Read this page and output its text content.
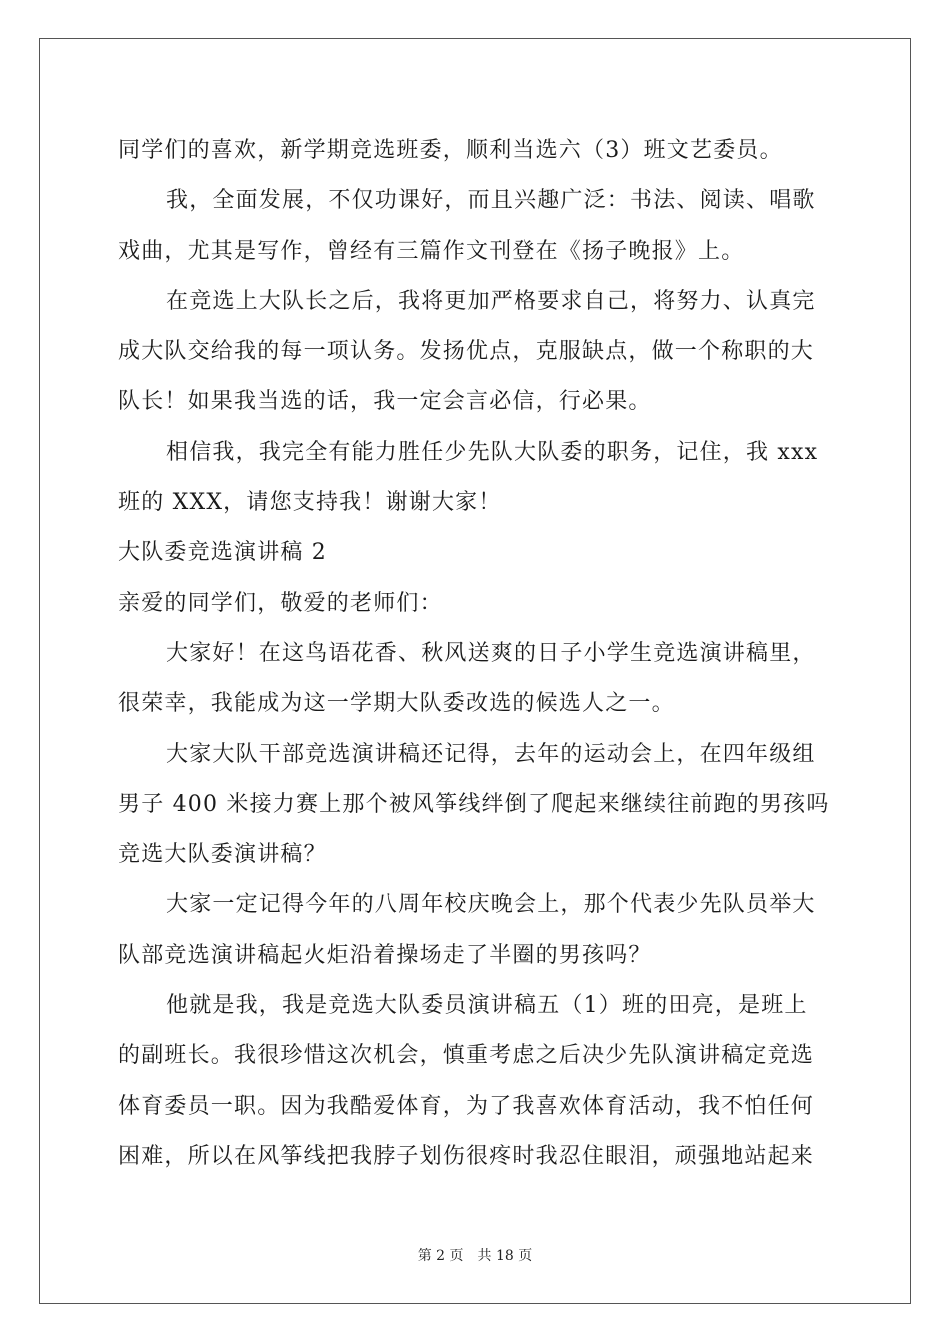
同学们的喜欢，新学期竞选班委，顺利当选六（3）班文艺委员。
我，全面发展，不仅功课好，而且兴趣广泛：书法、阅读、唱歌
戏曲，尤其是写作，曾经有三篇作文刊登在《扬子晚报》上。
在竞选上大队长之后，我将更加严格要求自己，将努力、认真完
成大队交给我的每一项认务。发扬优点，克服缺点，做一个称职的大
队长！如果我当选的话，我一定会言必信，行必果。
相信我，我完全有能力胜任少先队大队委的职务，记住，我 xxx
班的 XXX，请您支持我！谢谢大家！
大队委竞选演讲稿 2
亲爱的同学们，敬爱的老师们：
大家好！在这鸟语花香、秋风送爽的日子小学生竞选演讲稿里，
很荣幸，我能成为这一学期大队委改选的候选人之一。
大家大队干部竞选演讲稿还记得，去年的运动会上，在四年级组
男子 400 米接力赛上那个被风筝线绊倒了爬起来继续往前跑的男孩吗
竞选大队委演讲稿？
大家一定记得今年的八周年校庆晚会上，那个代表少先队员举大
队部竞选演讲稿起火炬沿着操场走了半圈的男孩吗？
他就是我，我是竞选大队委员演讲稿五（1）班的田亮，是班上
的副班长。我很珍惜这次机会，慎重考虑之后决少先队演讲稿定竞选
体育委员一职。因为我酷爱体育，为了我喜欢体育活动，我不怕任何
困难，所以在风筝线把我脖子划伤很疼时我忍住眼泪，顽强地站起来
第 2 页 共 18 页
